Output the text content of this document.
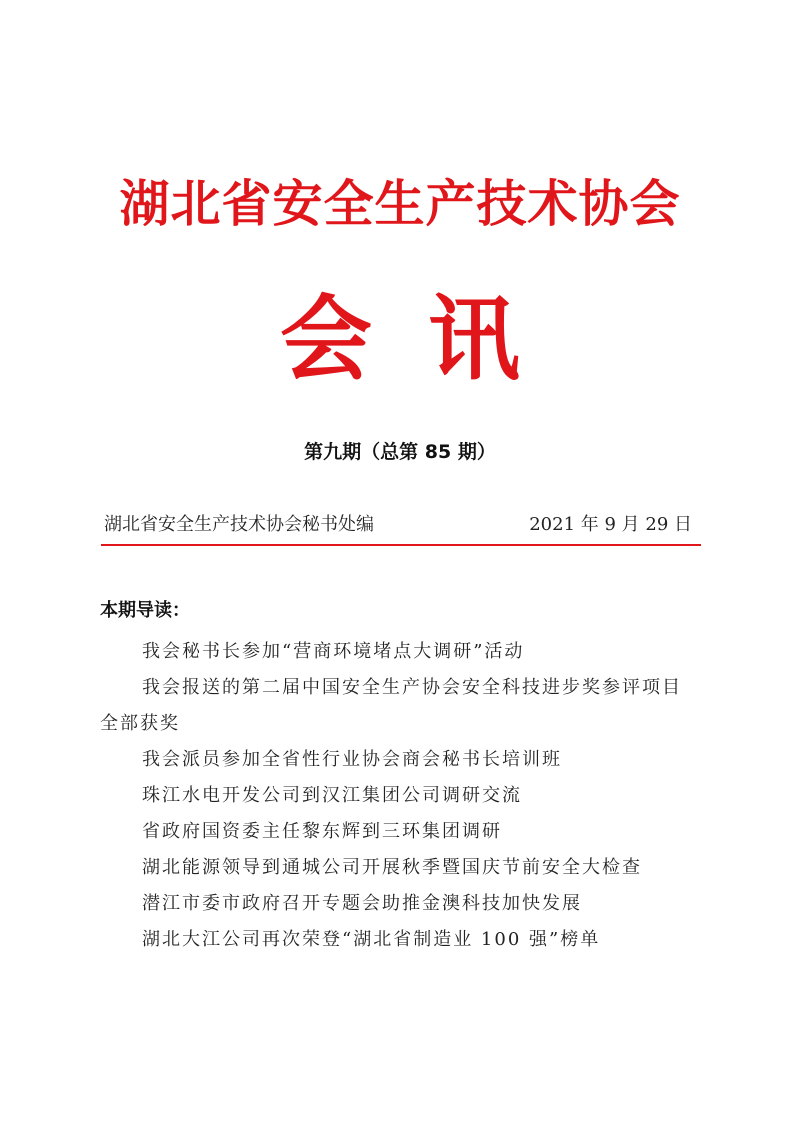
湖北省安全生产技术协会
会 讯
第九期（总第 85 期）
湖北省安全生产技术协会秘书处编	2021 年 9 月 29 日
本期导读：
我会秘书长参加“营商环境堵点大调研”活动
我会报送的第二届中国安全生产协会安全科技进步奖参评项目全部获奖
我会派员参加全省性行业协会商会秘书长培训班
珠江水电开发公司到汉江集团公司调研交流
省政府国资委主任黎东辉到三环集团调研
湖北能源领导到通城公司开展秋季暨国庆节前安全大检查
潜江市委市政府召开专题会助推金澳科技加快发展
湖北大江公司再次荣登“湖北省制造业 100 强”榜单
